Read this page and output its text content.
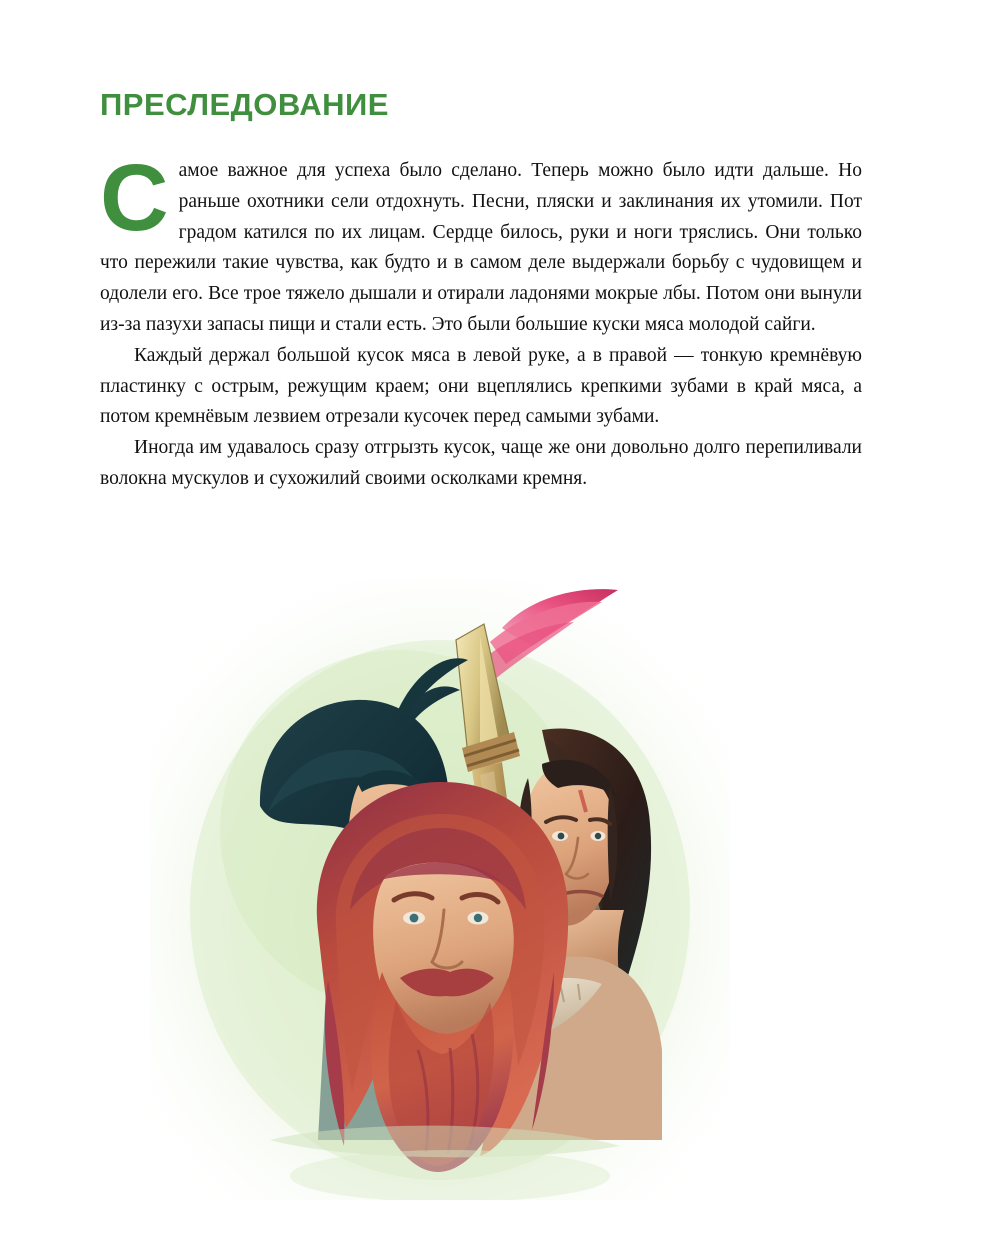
ПРЕСЛЕДОВАНИЕ

Самое важное для успеха было сделано. Теперь можно было идти дальше. Но раньше охотники сели отдохнуть. Песни, пляски и заклинания их утомили. Пот градом катился по их лицам. Сердце билось, руки и ноги тряслись. Они только что пережили такие чувства, как будто и в самом деле выдержали борьбу с чудовищем и одолели его. Все трое тяжело дышали и отирали ладонями мокрые лбы. Потом они вынули из-за пазухи запасы пищи и стали есть. Это были большие куски мяса молодой сайги.

Каждый держал большой кусок мяса в левой руке, а в правой — тонкую кремнёвую пластинку с острым, режущим краем; они вцеплялись крепкими зубами в край мяса, а потом кремнёвым лезвием отрезали кусочек перед самыми зубами.

Иногда им удавалось сразу отгрызть кусок, чаще же они довольно долго перепиливали волокна мускулов и сухожилий своими осколками кремня.
